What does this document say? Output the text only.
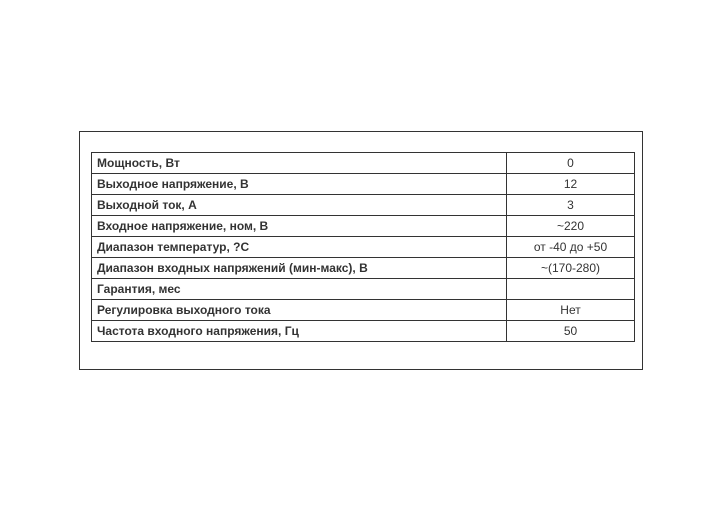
Мощность, Вт	0
Выходное напряжение, В	12
Выходной ток, А	3
Входное напряжение, ном, В	~220
Диапазон температур, ?С	от -40 до +50
Диапазон входных напряжений (мин-макс), В	~(170-280)
Гарантия, мес	
Регулировка выходного тока	Нет
Частота входного напряжения, Гц	50
